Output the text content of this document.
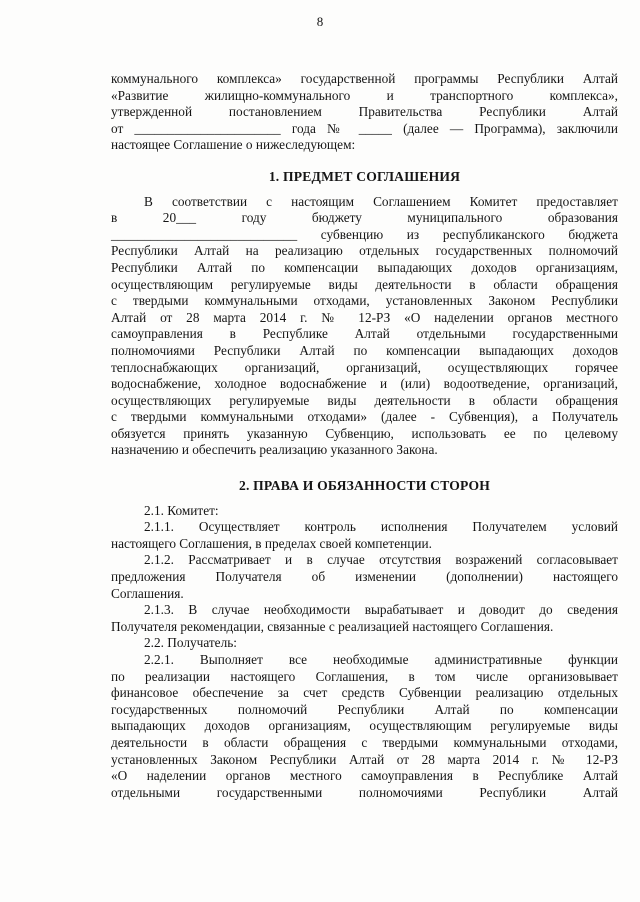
8
коммунального комплекса» государственной программы Республики Алтай
«Развитие жилищно-коммунального и транспортного комплекса»,
утвержденной постановлением Правительства Республики Алтай
от ______________________ года № _____ (далее — Программа), заключили
настоящее Соглашение о нижеследующем:
1. ПРЕДМЕТ СОГЛАШЕНИЯ
В соответствии с настоящим Соглашением Комитет предоставляет
в 20___ году бюджету муниципального образования
____________________________ субвенцию из республиканского бюджета
Республики Алтай на реализацию отдельных государственных полномочий
Республики Алтай по компенсации выпадающих доходов организациям,
осуществляющим регулируемые виды деятельности в области обращения
с твердыми коммунальными отходами, установленных Законом Республики
Алтай от 28 марта 2014 г. № 12-РЗ «О наделении органов местного
самоуправления в Республике Алтай отдельными государственными
полномочиями Республики Алтай по компенсации выпадающих доходов
теплоснабжающих организаций, организаций, осуществляющих горячее
водоснабжение, холодное водоснабжение и (или) водоотведение, организаций,
осуществляющих регулируемые виды деятельности в области обращения
с твердыми коммунальными отходами» (далее - Субвенция), а Получатель
обязуется принять указанную Субвенцию, использовать ее по целевому
назначению и обеспечить реализацию указанного Закона.
2. ПРАВА И ОБЯЗАННОСТИ СТОРОН
2.1. Комитет:
2.1.1. Осуществляет контроль исполнения Получателем условий
настоящего Соглашения, в пределах своей компетенции.
2.1.2. Рассматривает и в случае отсутствия возражений согласовывает
предложения Получателя об изменении (дополнении) настоящего
Соглашения.
2.1.3. В случае необходимости вырабатывает и доводит до сведения
Получателя рекомендации, связанные с реализацией настоящего Соглашения.
2.2. Получатель:
2.2.1. Выполняет все необходимые административные функции
по реализации настоящего Соглашения, в том числе организовывает
финансовое обеспечение за счет средств Субвенции реализацию отдельных
государственных полномочий Республики Алтай по компенсации
выпадающих доходов организациям, осуществляющим регулируемые виды
деятельности в области обращения с твердыми коммунальными отходами,
установленных Законом Республики Алтай от 28 марта 2014 г. № 12-РЗ
«О наделении органов местного самоуправления в Республике Алтай
отдельными государственными полномочиями Республики Алтай
